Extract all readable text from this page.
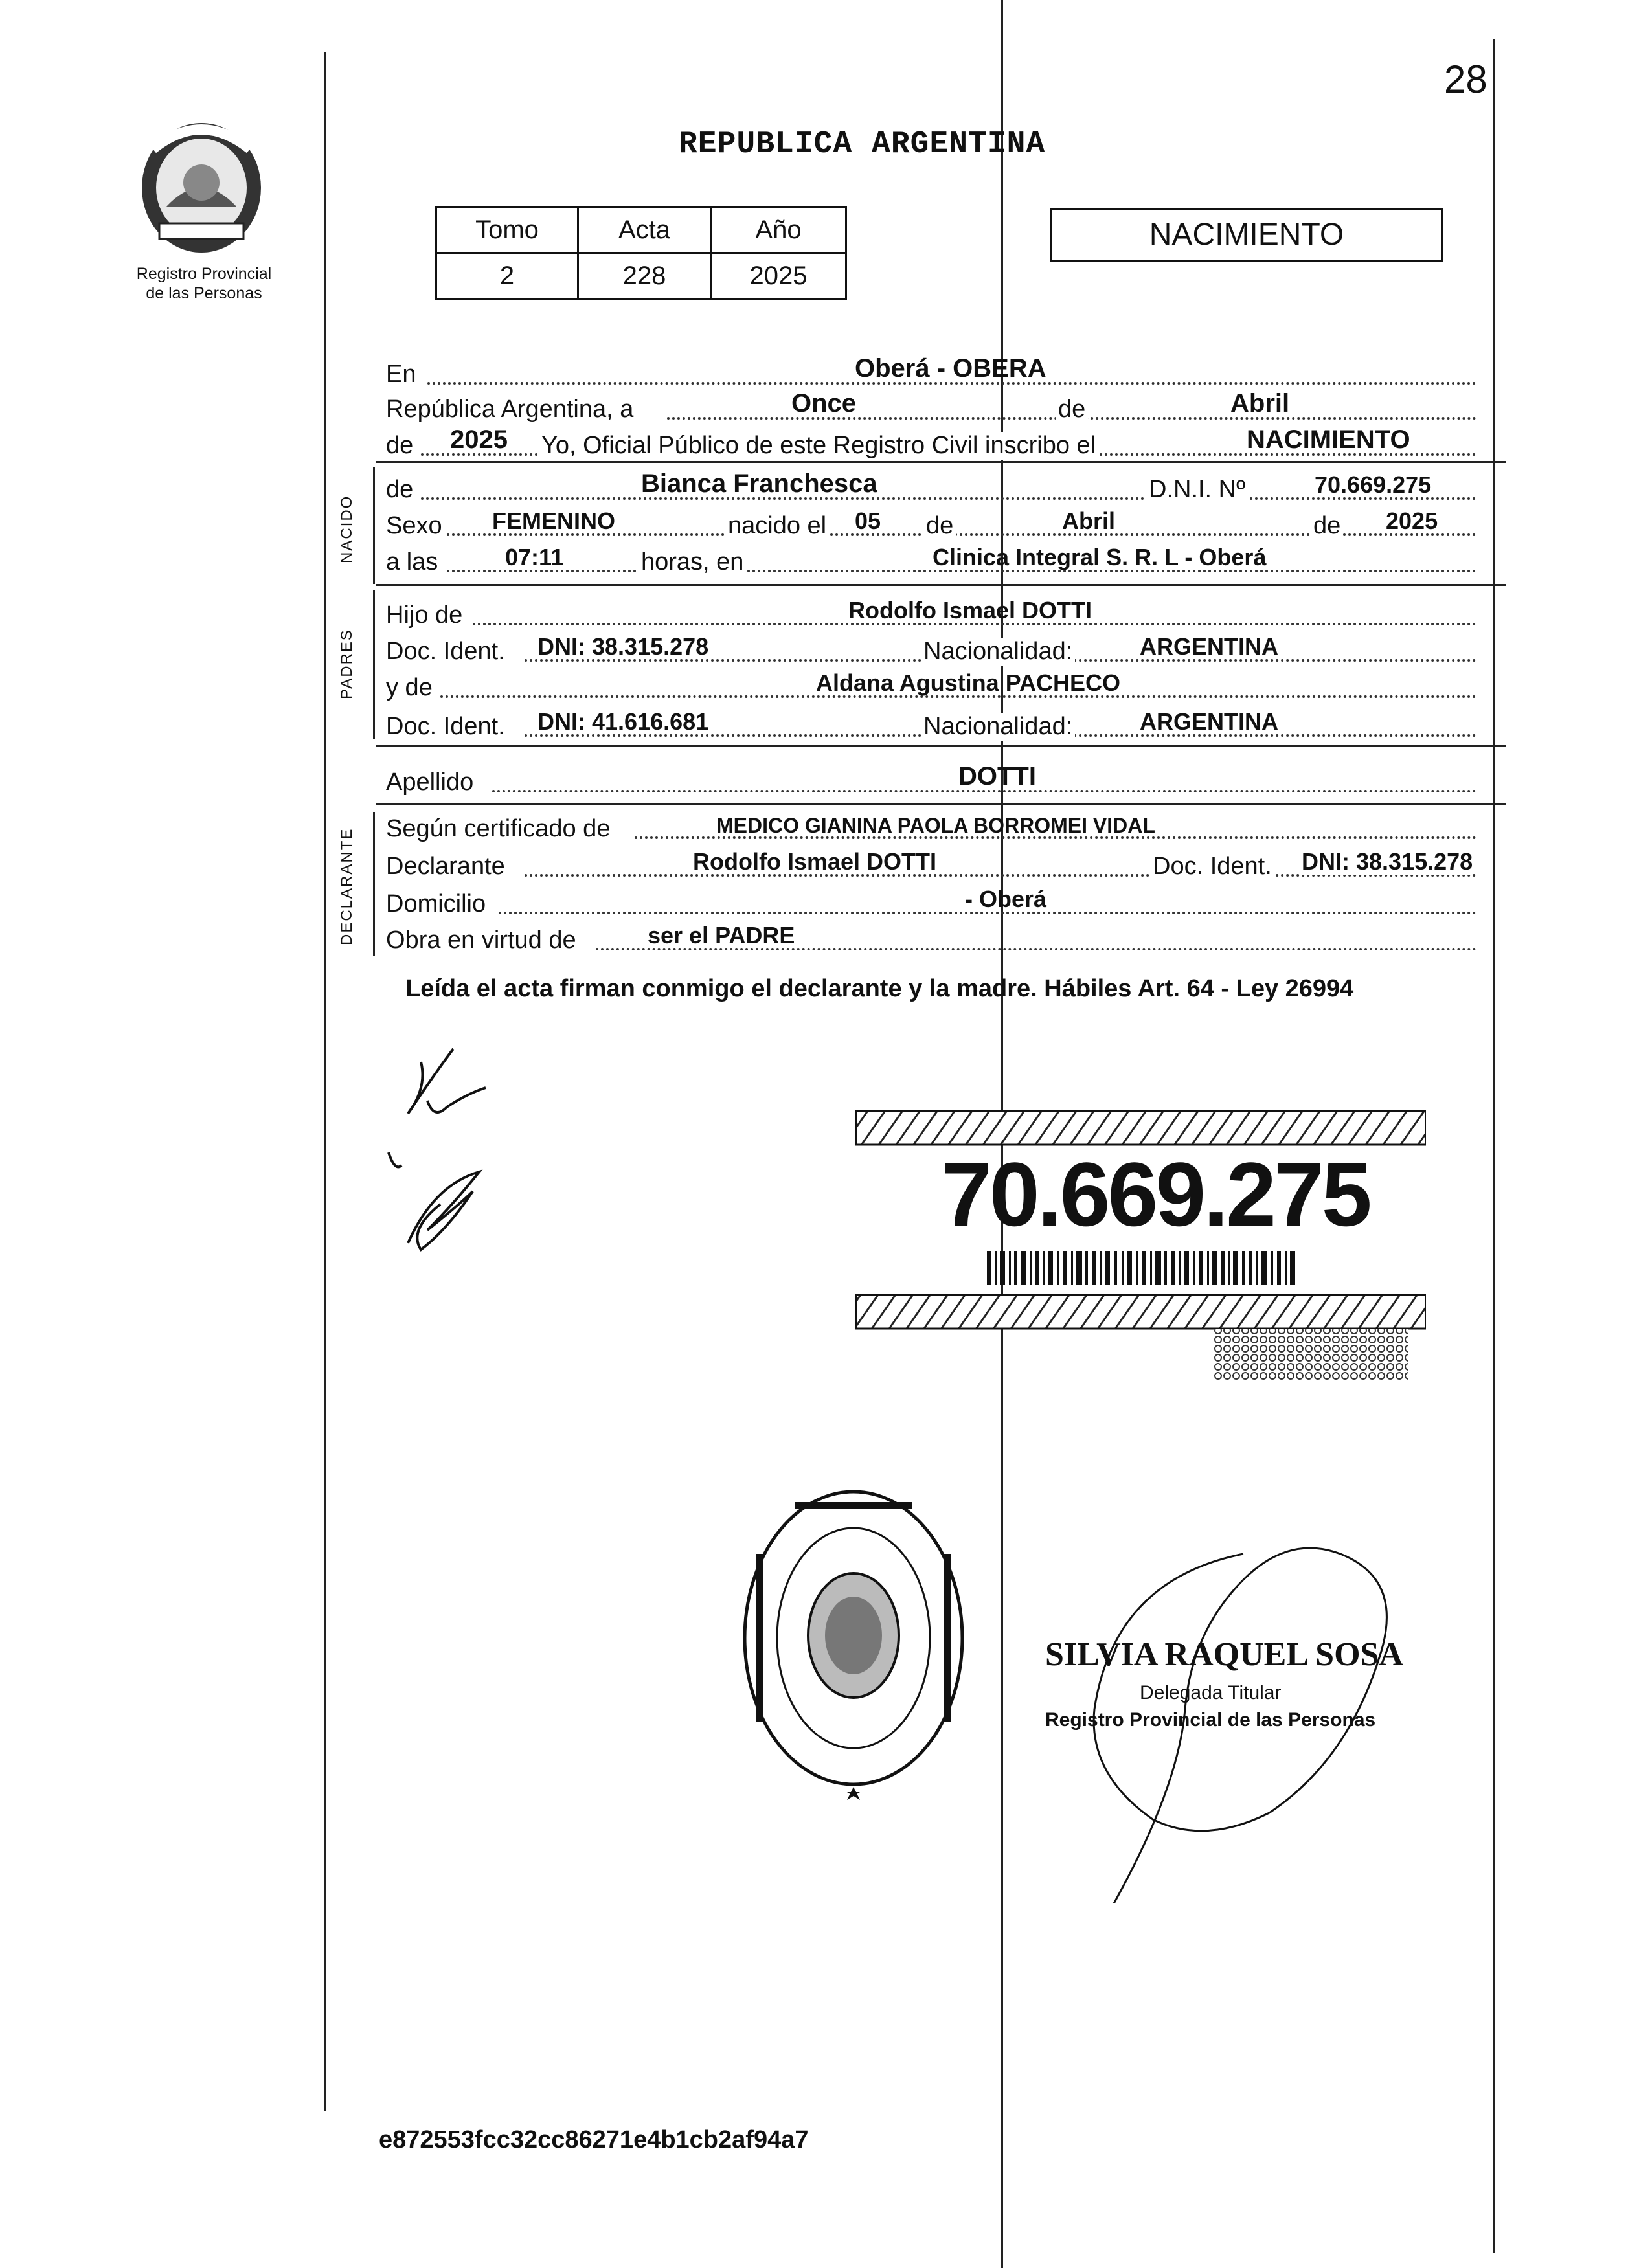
28
Registro Provincial
de las Personas
REPUBLICA ARGENTINA
Tomo	Acta	Año
2	228	2025
NACIMIENTO
En	Oberá - OBERA
República Argentina, a	Once	de	Abril
de 2025 Yo, Oficial Público de este Registro Civil inscribo el	NACIMIENTO
NACIDO
de	Bianca Franchesca	D.N.I. Nº	70.669.275
Sexo FEMENINO	nacido el 05 de	Abril	de 2025
a las	07:11	horas, en	Clinica Integral S. R. L - Oberá
PADRES
Hijo de	Rodolfo Ismael DOTTI
Doc. Ident. DNI: 38.315.278	Nacionalidad:	ARGENTINA
y de	Aldana Agustina PACHECO
Doc. Ident. DNI: 41.616.681	Nacionalidad:	ARGENTINA
Apellido	DOTTI
DECLARANTE Según certificado de	MEDICO GIANINA PAOLA BORROMEI VIDAL
Declarante	Rodolfo Ismael DOTTI	Doc. Ident. DNI: 38.315.278
Domicilio	- Oberá
Obra en virtud de	ser el PADRE
Leída el acta firman conmigo el declarante y la madre. Hábiles Art. 64 - Ley 26994
70.669.275
SILVIA RAQUEL SOSA
Delegada Titular
Registro Provincial de las Personas
e872553fcc32cc86271e4b1cb2af94a7
